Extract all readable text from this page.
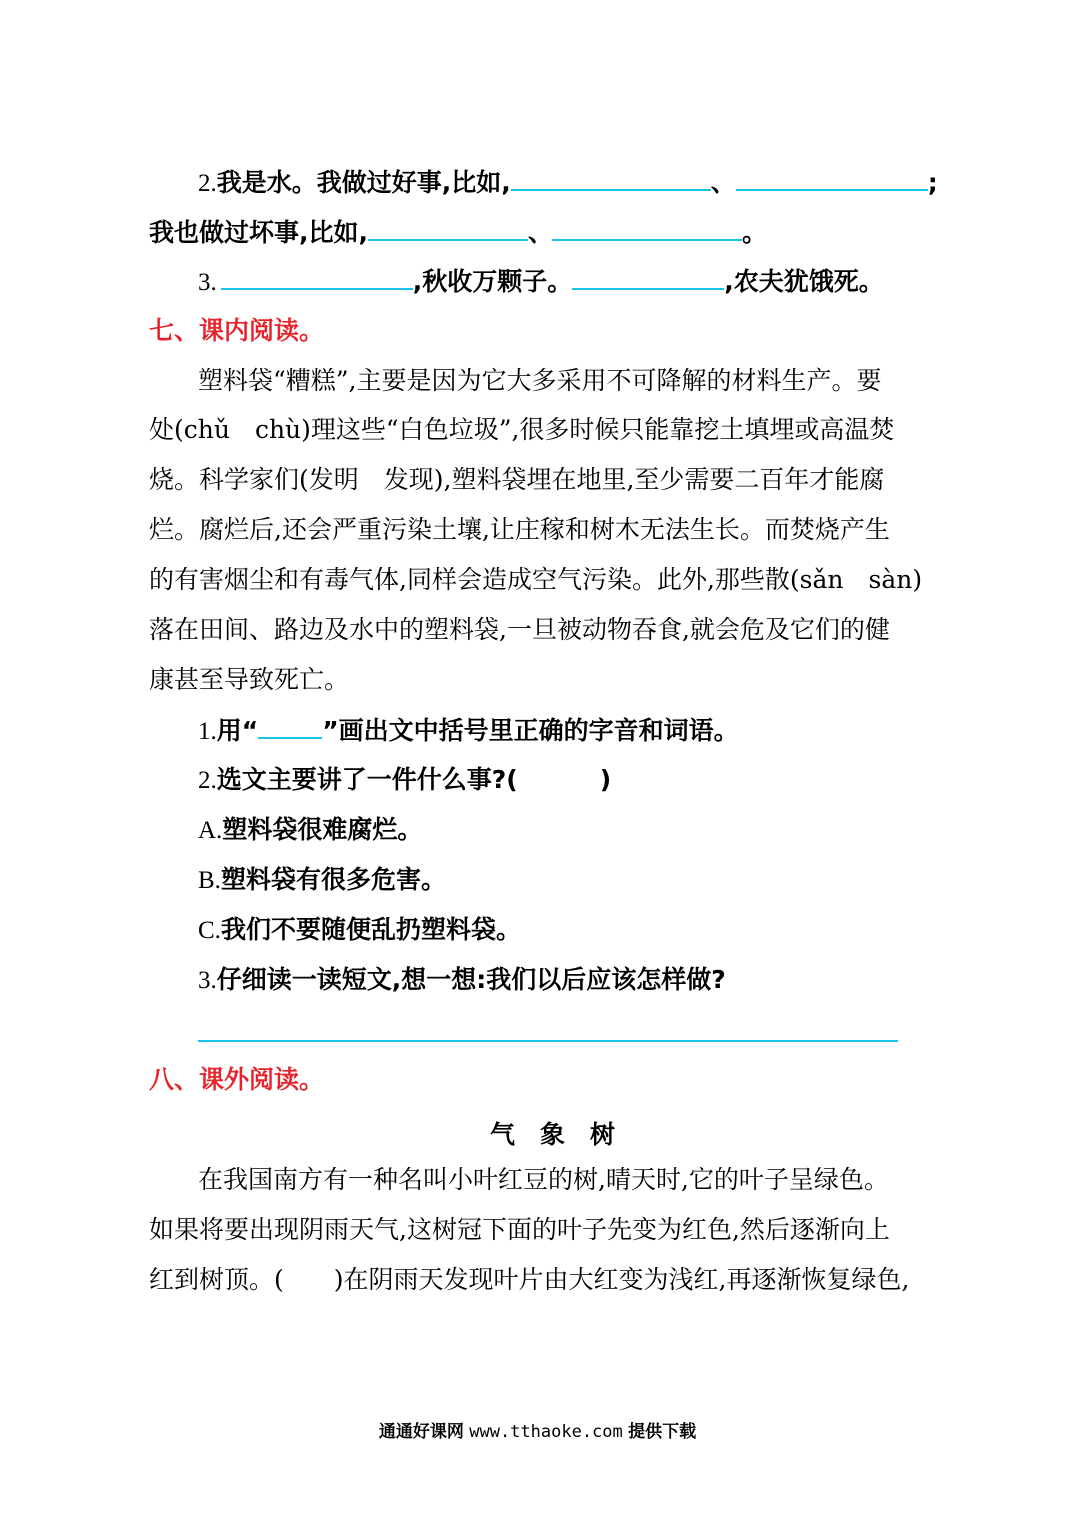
2.我是水。我做过好事,比如,	、	;
我也做过坏事,比如,	、	。
3.	,秋收万颗子。	,农夫犹饿死。
七、课内阅读。
塑料袋“糟糕”,主要是因为它大多采用不可降解的材料生产。要
处(chǔ　chù)理这些“白色垃圾”,很多时候只能靠挖土填埋或高温焚
烧。科学家们(发明　发现),塑料袋埋在地里,至少需要二百年才能腐
烂。腐烂后,还会严重污染土壤,让庄稼和树木无法生长。而焚烧产生
的有害烟尘和有毒气体,同样会造成空气污染。此外,那些散(sǎn　sàn)
落在田间、路边及水中的塑料袋,一旦被动物吞食,就会危及它们的健
康甚至导致死亡。
1.用“	”画出文中括号里正确的字音和词语。
2.选文主要讲了一件什么事?(	)
A.塑料袋很难腐烂。
B.塑料袋有很多危害。
C.我们不要随便乱扔塑料袋。
3.仔细读一读短文,想一想:我们以后应该怎样做?
八、课外阅读。
气　象　树
在我国南方有一种名叫小叶红豆的树,晴天时,它的叶子呈绿色。
如果将要出现阴雨天气,这树冠下面的叶子先变为红色,然后逐渐向上
红到树顶。(　　)在阴雨天发现叶片由大红变为浅红,再逐渐恢复绿色,
通通好课网 www.tthaoke.com 提供下载
